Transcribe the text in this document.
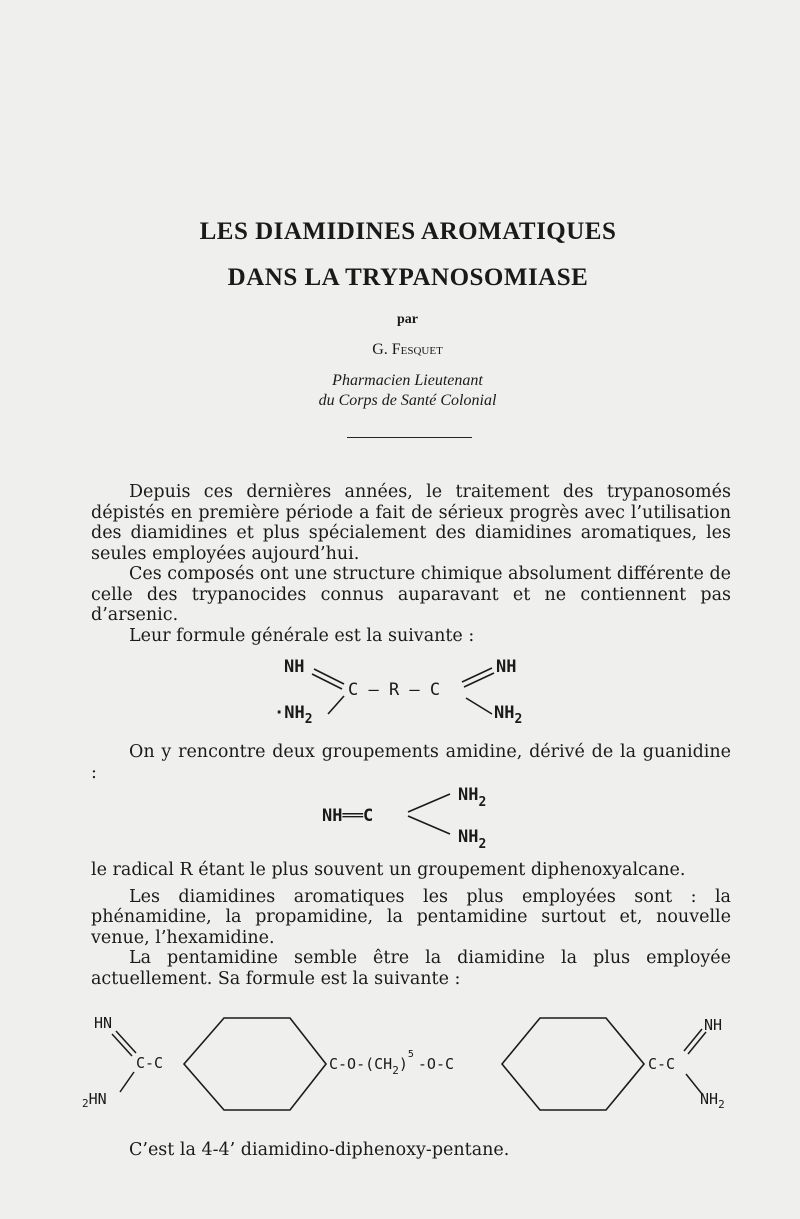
LES DIAMIDINES AROMATIQUES
DANS LA TRYPANOSOMIASE
par
G. Fesquet
Pharmacien Lieutenant
du Corps de Santé Colonial

Depuis ces dernières années, le traitement des trypanosomés dépistés en première période a fait de sérieux progrès avec l’utilisation des diamidines et plus spécialement des diamidines aromatiques, les seules employées aujourd’hui.

Ces composés ont une structure chimique absolument différente de celle des trypanocides connus auparavant et ne contiennent pas d’arsenic.

Leur formule générale est la suivante :

NH
$\cdot NH_2$
C — R — C
NH
$NH_2$

On y rencontre deux groupements amidine, dérivé de la guanidine :

NH══C
$NH_2$
$NH_2$

le radical R étant le plus souvent un groupement diphenoxyalcane.

Les diamidines aromatiques les plus employées sont : la phénamidine, la propamidine, la pentamidine surtout et, nouvelle venue, l’hexamidine.

La pentamidine semble être la diamidine la plus employée actuellement. Sa formule est la suivante :

HN
C-C
$_2$HN
$C-O-(CH_2)^5-O-C$	C-C
NH
$NH_2$

C’est la 4-4’ diamidino-diphenoxy-pentane.
